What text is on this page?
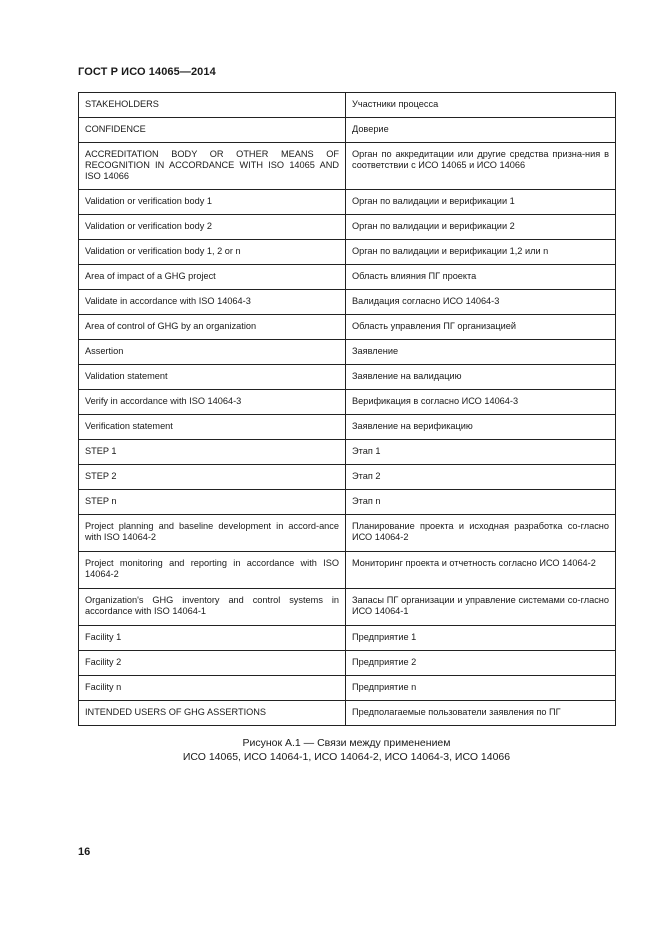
ГОСТ Р ИСО 14065—2014
STAKEHOLDERS	Участники процесса
CONFIDENCE	Доверие
ACCREDITATION BODY OR OTHER MEANS OF RECOGNITION IN ACCORDANCE WITH ISO 14065 AND ISO 14066	Орган по аккредитации или другие средства призна-ния в соответствии с ИСО 14065 и ИСО 14066
Validation or verification body 1	Орган по валидации и верификации 1
Validation or verification body 2	Орган по валидации и верификации 2
Validation or verification body 1, 2 or n	Орган по валидации и верификации 1,2 или n
Area of impact of a GHG project	Область влияния ПГ проекта
Validate in accordance with ISO 14064-3	Валидация согласно ИСО 14064-3
Area of control of GHG by an organization	Область управления ПГ организацией
Assertion	Заявление
Validation statement	Заявление на валидацию
Verify in accordance with ISO 14064-3	Верификация в согласно ИСО 14064-3
Verification statement	Заявление на верификацию
STEP 1	Этап 1
STEP 2	Этап 2
STEP n	Этап n
Project planning and baseline development in accord-ance with ISO 14064-2	Планирование проекта и исходная разработка со-гласно ИСО 14064-2
Project monitoring and reporting in accordance with ISO 14064-2	Мониторинг проекта и отчетность согласно ИСО 14064-2
Organization's GHG inventory and control systems in accordance with ISO 14064-1	Запасы ПГ организации и управление системами со-гласно ИСО 14064-1
Facility 1	Предприятие 1
Facility 2	Предприятие 2
Facility n	Предприятие n
INTENDED USERS OF GHG ASSERTIONS	Предполагаемые пользователи заявления по ПГ
Рисунок А.1 — Связи между применением
ИСО 14065, ИСО 14064-1, ИСО 14064-2, ИСО 14064-3, ИСО 14066
16
